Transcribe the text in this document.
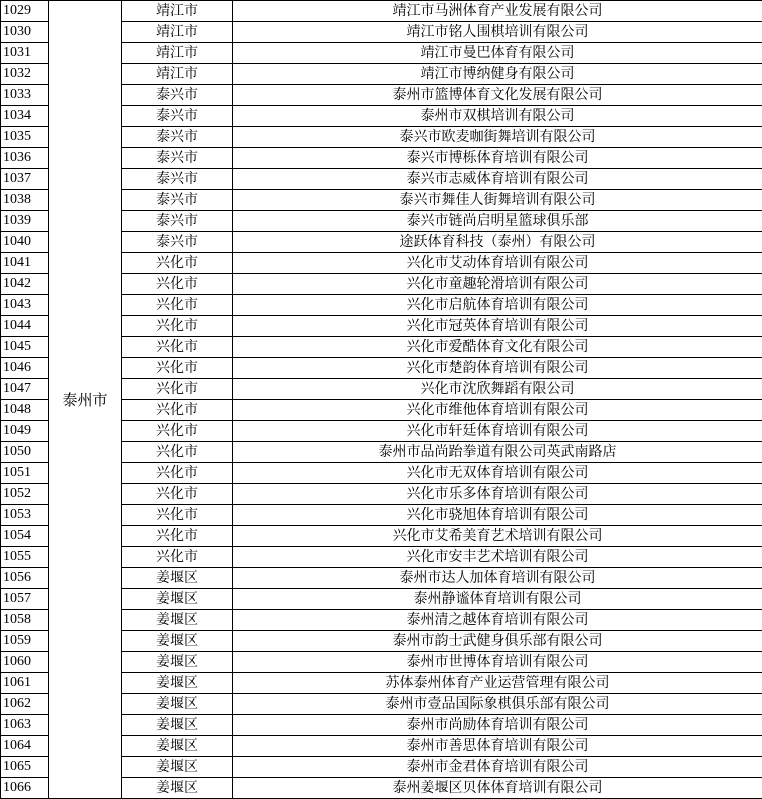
1029	泰州市	靖江市	靖江市马洲体育产业发展有限公司
1030		靖江市	靖江市铭人围棋培训有限公司
1031		靖江市	靖江市曼巴体育有限公司
1032		靖江市	靖江市博纳健身有限公司
1033		泰兴市	泰州市篮博体育文化发展有限公司
1034		泰兴市	泰州市双棋培训有限公司
1035		泰兴市	泰兴市欧麦咖街舞培训有限公司
1036		泰兴市	泰兴市博栎体育培训有限公司
1037		泰兴市	泰兴市志威体育培训有限公司
1038		泰兴市	泰兴市舞佳人街舞培训有限公司
1039		泰兴市	泰兴市链尚启明星篮球俱乐部
1040		泰兴市	途跃体育科技（泰州）有限公司
1041		兴化市	兴化市艾动体育培训有限公司
1042		兴化市	兴化市童趣轮滑培训有限公司
1043		兴化市	兴化市启航体育培训有限公司
1044		兴化市	兴化市冠英体育培训有限公司
1045		兴化市	兴化市爱酷体育文化有限公司
1046		兴化市	兴化市楚韵体育培训有限公司
1047		兴化市	兴化市沈欣舞蹈有限公司
1048		兴化市	兴化市维他体育培训有限公司
1049		兴化市	兴化市轩廷体育培训有限公司
1050		兴化市	泰州市品尚跆拳道有限公司英武南路店
1051		兴化市	兴化市无双体育培训有限公司
1052		兴化市	兴化市乐多体育培训有限公司
1053		兴化市	兴化市骁旭体育培训有限公司
1054		兴化市	兴化市艾希美育艺术培训有限公司
1055		兴化市	兴化市安丰艺术培训有限公司
1056		姜堰区	泰州市达人加体育培训有限公司
1057		姜堰区	泰州静谧体育培训有限公司
1058		姜堰区	泰州清之越体育培训有限公司
1059		姜堰区	泰州市韵士武健身俱乐部有限公司
1060		姜堰区	泰州市世博体育培训有限公司
1061		姜堰区	苏体泰州体育产业运营管理有限公司
1062		姜堰区	泰州市壹品国际象棋俱乐部有限公司
1063		姜堰区	泰州市尚励体育培训有限公司
1064		姜堰区	泰州市善思体育培训有限公司
1065		姜堰区	泰州市金君体育培训有限公司
1066		姜堰区	泰州姜堰区贝体体育培训有限公司
